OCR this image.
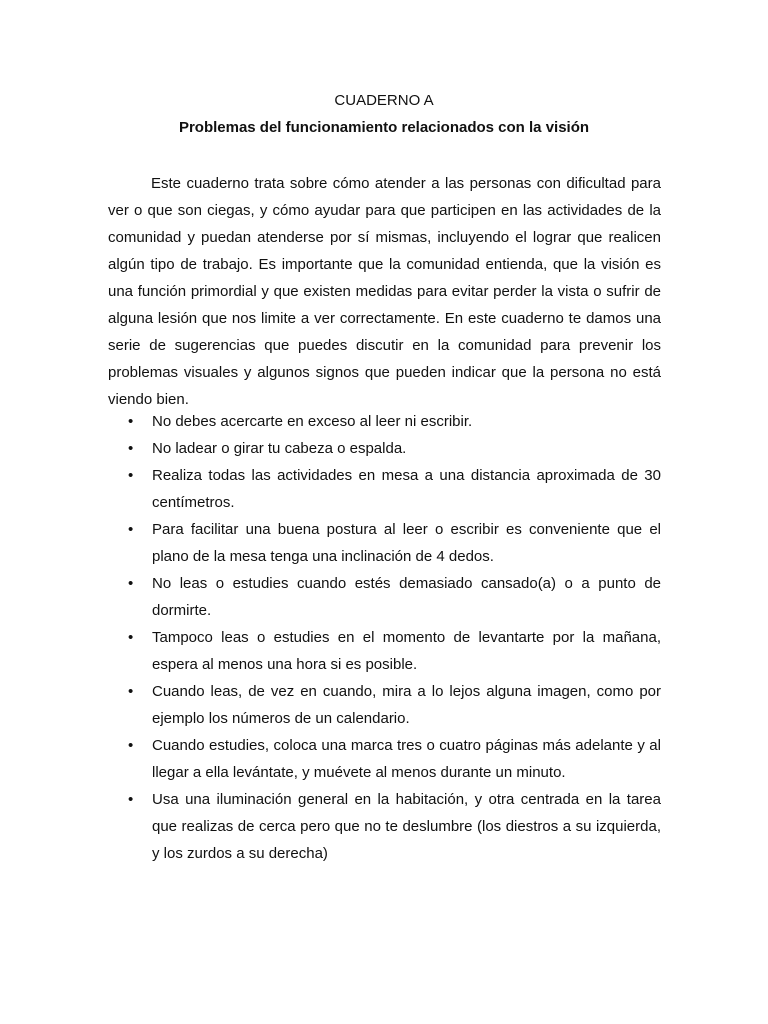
CUADERNO A
Problemas del funcionamiento relacionados con la visión

Este cuaderno trata sobre cómo atender a las personas con dificultad para ver o que son ciegas, y cómo ayudar para que participen en las actividades de la comunidad y puedan atenderse por sí mismas, incluyendo el lograr que realicen algún tipo de trabajo. Es importante que la comunidad entienda, que la visión es una función primordial y que existen medidas para evitar perder la vista o sufrir de alguna lesión que nos limite a ver correctamente. En este cuaderno te damos una serie de sugerencias que puedes discutir en la comunidad para prevenir los problemas visuales y algunos signos que pueden indicar que la persona no está viendo bien.

• No debes acercarte en exceso al leer ni escribir.
• No ladear o girar tu cabeza o espalda.
• Realiza todas las actividades en mesa a una distancia aproximada de 30 centímetros.
• Para facilitar una buena postura al leer o escribir es conveniente que el plano de la mesa tenga una inclinación de 4 dedos.
• No leas o estudies cuando estés demasiado cansado(a) o a punto de dormirte.
• Tampoco leas o estudies en el momento de levantarte por la mañana, espera al menos una hora si es posible.
• Cuando leas, de vez en cuando, mira a lo lejos alguna imagen, como por ejemplo los números de un calendario.
• Cuando estudies, coloca una marca tres o cuatro páginas más adelante y al llegar a ella levántate, y muévete al menos durante un minuto.
• Usa una iluminación general en la habitación, y otra centrada en la tarea que realizas de cerca pero que no te deslumbre (los diestros a su izquierda, y los zurdos a su derecha)
